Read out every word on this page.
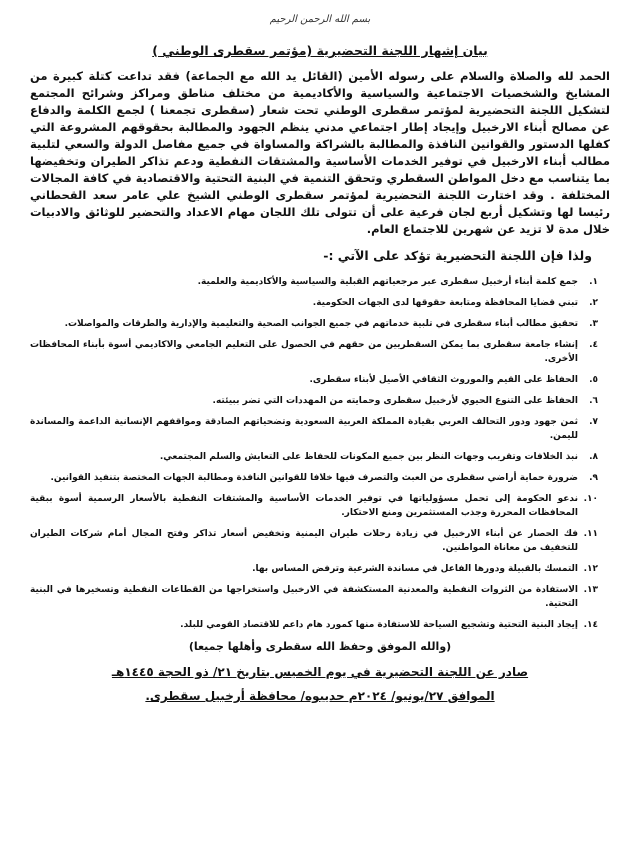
بسم الله الرحمن الرحيم
بيان إشهار اللجنة التحضيرية (مؤتمر سقطرى الوطني )
الحمد لله والصلاة والسلام على رسوله الأمين (القائل يد الله مع الجماعة) فقد تداعت كتلة كبيرة من المشايخ والشخصيات الاجتماعية والسياسية والأكاديمية من مختلف مناطق ومراكز وشرائح المجتمع لتشكيل اللجنة التحضيرية لمؤتمر سقطرى الوطني تحت شعار (سقطرى تجمعنا ) لجمع الكلمة والدفاع عن مصالح أبناء الارخبيل وإيجاد إطار اجتماعي مدني ينظم الجهود والمطالبة بحقوقهم المشروعة التي كفلها الدستور والقوانين النافذة والمطالبة بالشراكة والمساواة في جميع مفاصل الدولة والسعي لتلبية مطالب أبناء الارخبيل في توفير الخدمات الأساسية والمشتقات النفطية ودعم تذاكر الطيران وتخفيضها بما يتناسب مع دخل المواطن السقطري وتحقق التنمية في البنية التحتية والاقتصادية في كافة المجالات المختلفة . وقد اختارت اللجنة التحضيرية لمؤتمر سقطرى الوطني الشيخ علي عامر سعد القحطاني رئيسا لها وتشكيل أربع لجان فرعية على أن تتولى تلك اللجان مهام الاعداد والتحضير للوثائق والادبيات خلال مدة لا تزيد عن شهرين للاجتماع العام.
ولذا فإن اللجنة التحضيرية تؤكد على الآتي :-
١.
جمع كلمة أبناء أرخبيل سقطرى عبر مرجعياتهم القبلية والسياسية والأكاديمية والعلمية.
٢.
تبني قضايا المحافظة ومتابعة حقوقها لدى الجهات الحكومية.
٣.
تحقيق مطالب أبناء سقطرى في تلبية خدماتهم في جميع الجوانب الصحية والتعليمية والإدارية والطرقات والمواصلات.
٤.
إنشاء جامعة سقطرى بما يمكن السقطريين من حقهم في الحصول على التعليم الجامعي والاكاديمي أسوة بأبناء المحافظات الأخرى.
٥.
الحفاظ على القيم والموروث الثقافي الأصيل لأبناء سقطرى.
٦.
الحفاظ على التنوع الحيوي لأرخبيل سقطرى وحمايته من المهددات التي تضر ببيئته.
٧.
ثمن جهود ودور التحالف العربي بقيادة المملكة العربية السعودية وتضحياتهم الصادقة ومواقفهم الإنسانية الداعمة والمساندة لليمن.
٨.
نبذ الخلافات وتقريب وجهات النظر بين جميع المكونات للحفاظ على التعايش والسلم المجتمعي.
٩.
ضرورة حماية أراضي سقطرى من العبث والتصرف فيها خلافا للقوانين النافذة ومطالبة الجهات المختصة بتنفيذ القوانين.
١٠.
ندعو الحكومة إلى تحمل مسؤولياتها في توفير الخدمات الأساسية والمشتقات النفطية بالأسعار الرسمية أسوة ببقية المحافظات المحررة وجذب المستثمرين ومنع الاحتكار.
١١.
فك الحصار عن أبناء الارخبيل في زيادة رحلات طيران اليمنية وتخفيض أسعار تذاكر وفتح المجال أمام شركات الطيران للتخفيف من معاناة المواطنين.
١٢.
التمسك بالقبيلة ودورها الفاعل في مساندة الشرعية وترفض المساس بها.
١٣.
الاستفادة من الثروات النفطية والمعدنية المستكشفة في الارخبيل واستخراجها من القطاعات النفطية وتسخيرها في البنية التحتية.
١٤.
إيجاد البنية التحتية وتشجيع السياحة للاستفادة منها كمورد هام داعم للاقتصاد القومي للبلد.
(والله الموفق وحفظ الله سقطرى وأهلها جميعا)
صادر عن اللجنة التحضيرية في يوم الخميس بتاريخ ٢١/ ذو الحجة ١٤٤٥هـ
الموافق ٢٧/يونيو/ ٢٠٢٤م حديبوه/ محافظة أرخبيل سقطرى.
